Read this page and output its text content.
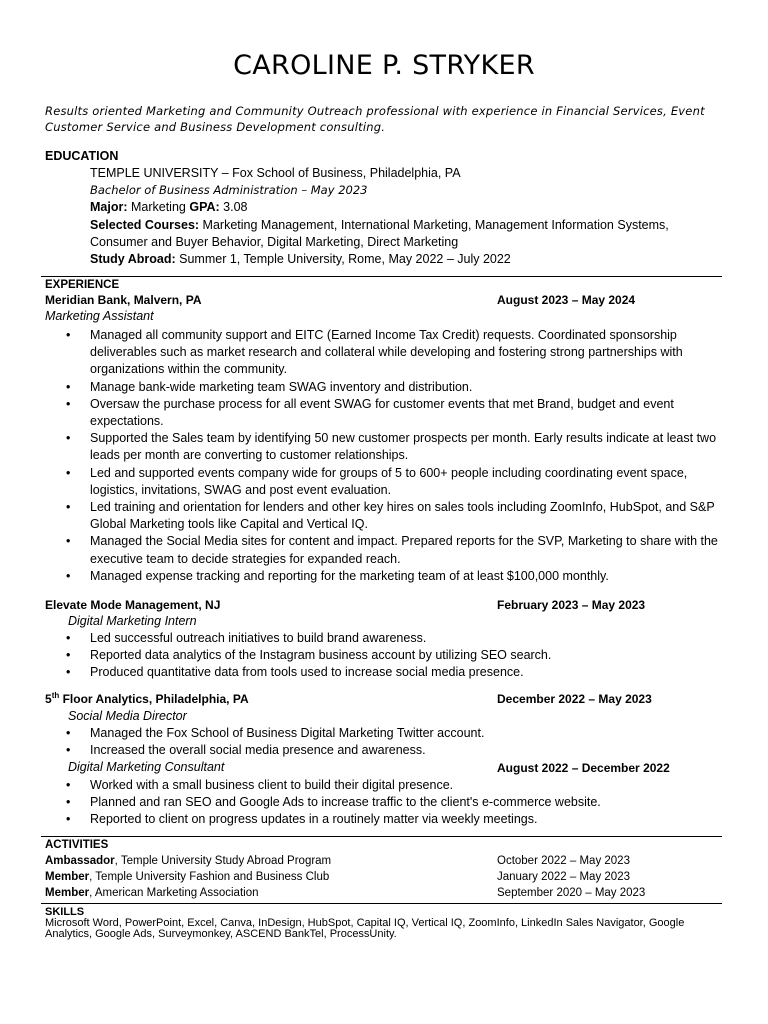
CAROLINE P. STRYKER
Results oriented Marketing and Community Outreach professional with experience in Financial Services, Event Customer Service and Business Development consulting.
EDUCATION
TEMPLE UNIVERSITY – Fox School of Business, Philadelphia, PA
Bachelor of Business Administration – May 2023
Major: Marketing GPA: 3.08
Selected Courses: Marketing Management, International Marketing, Management Information Systems, Consumer and Buyer Behavior, Digital Marketing, Direct Marketing
Study Abroad: Summer 1, Temple University, Rome, May 2022 – July 2022
EXPERIENCE
Meridian Bank, Malvern, PA	August 2023 – May 2024
Marketing Assistant
• Managed all community support and EITC (Earned Income Tax Credit) requests. Coordinated sponsorship deliverables such as market research and collateral while developing and fostering strong partnerships with organizations within the community.
• Manage bank-wide marketing team SWAG inventory and distribution.
• Oversaw the purchase process for all event SWAG for customer events that met Brand, budget and event expectations.
• Supported the Sales team by identifying 50 new customer prospects per month. Early results indicate at least two leads per month are converting to customer relationships.
• Led and supported events company wide for groups of 5 to 600+ people including coordinating event space, logistics, invitations, SWAG and post event evaluation.
• Led training and orientation for lenders and other key hires on sales tools including ZoomInfo, HubSpot, and S&P Global Marketing tools like Capital and Vertical IQ.
• Managed the Social Media sites for content and impact. Prepared reports for the SVP, Marketing to share with the executive team to decide strategies for expanded reach.
• Managed expense tracking and reporting for the marketing team of at least $100,000 monthly.
Elevate Mode Management, NJ	February 2023 – May 2023
Digital Marketing Intern
• Led successful outreach initiatives to build brand awareness.
• Reported data analytics of the Instagram business account by utilizing SEO search.
• Produced quantitative data from tools used to increase social media presence.
5th Floor Analytics, Philadelphia, PA	December 2022 – May 2023
Social Media Director
• Managed the Fox School of Business Digital Marketing Twitter account.
• Increased the overall social media presence and awareness.
Digital Marketing Consultant	August 2022 – December 2022
• Worked with a small business client to build their digital presence.
• Planned and ran SEO and Google Ads to increase traffic to the client's e-commerce website.
• Reported to client on progress updates in a routinely matter via weekly meetings.
ACTIVITIES
Ambassador, Temple University Study Abroad Program	October 2022 – May 2023
Member, Temple University Fashion and Business Club	January 2022 – May 2023
Member, American Marketing Association	September 2020 – May 2023
SKILLS
Microsoft Word, PowerPoint, Excel, Canva, InDesign, HubSpot, Capital IQ, Vertical IQ, ZoomInfo, LinkedIn Sales Navigator, Google Analytics, Google Ads, Surveymonkey, ASCEND BankTel, ProcessUnity.
